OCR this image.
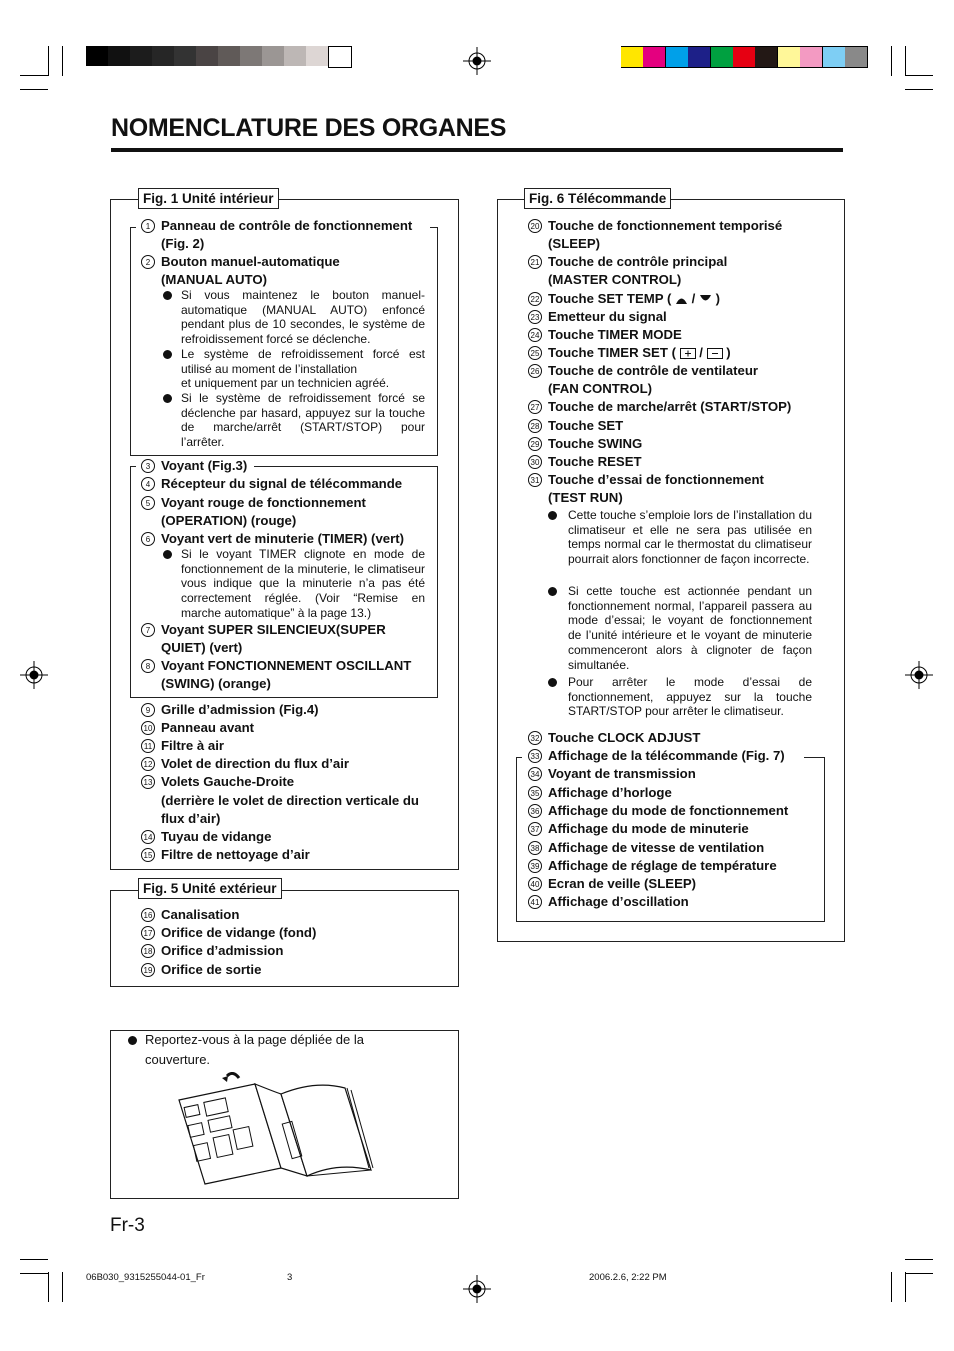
NOMENCLATURE DES ORGANES
Fig. 1 Unité intérieur
1 Panneau de contrôle de fonctionnement
(Fig. 2)
2 Bouton manuel-automatique
(MANUAL AUTO)
Si vous maintenez le bouton manuel-automatique (MANUAL AUTO) enfoncé pendant plus de 10 secondes, le système de refroidissement forcé se déclenche.
Le système de refroidissement forcé est utilisé au moment de l’installation
et uniquement par un technicien agréé.
Si le système de refroidissement forcé se déclenche par hasard, appuyez sur la touche de marche/arrêt (START/STOP) pour l’arrêter.
3 Voyant (Fig.3)
4 Récepteur du signal de télécommande
5 Voyant rouge de fonctionnement
(OPERATION) (rouge)
6 Voyant vert de minuterie (TIMER) (vert)
Si le voyant TIMER clignote en mode de fonctionnement de la minuterie, le climatiseur vous indique que la minuterie n’a pas été correctement réglée. (Voir “Remise en marche automatique” à la page 13.)
7 Voyant SUPER SILENCIEUX(SUPER
QUIET) (vert)
8 Voyant FONCTIONNEMENT OSCILLANT
(SWING) (orange)
9 Grille d’admission (Fig.4)
10 Panneau avant
11 Filtre à air
12 Volet de direction du flux d’air
13 Volets Gauche-Droite
(derrière le volet de direction verticale du
flux d’air)
14 Tuyau de vidange
15 Filtre de nettoyage d’air
Fig. 5 Unité extérieur
16 Canalisation
17 Orifice de vidange (fond)
18 Orifice d’admission
19 Orifice de sortie
Reportez-vous à la page dépliée de la
couverture.
Fr-3
Fig. 6 Télécommande
20 Touche de fonctionnement temporisé
(SLEEP)
21 Touche de contrôle principal
(MASTER CONTROL)
22 Touche SET TEMP (  /  )
23 Emetteur du signal
24 Touche TIMER MODE
25 Touche TIMER SET (  /  )
26 Touche de contrôle de ventilateur
(FAN CONTROL)
27 Touche de marche/arrêt (START/STOP)
28 Touche SET
29 Touche SWING
30 Touche RESET
31 Touche d’essai de fonctionnement
(TEST RUN)
Cette touche s’emploie lors de l’installation du climatiseur et elle ne sera pas utilisée en temps normal car le thermostat du climatiseur pourrait alors fonctionner de façon incorrecte.
Si cette touche est actionnée pendant un fonctionnement normal, l’appareil passera au mode d’essai; le voyant de fonctionnement de l’unité intérieure et le voyant de minuterie commenceront alors à clignoter de façon simultanée.
Pour arrêter le mode d’essai de fonctionnement, appuyez sur la touche START/STOP pour arrêter le climatiseur.
32 Touche CLOCK ADJUST
33 Affichage de la télécommande (Fig. 7)
34 Voyant de transmission
35 Affichage d’horloge
36 Affichage du mode de fonctionnement
37 Affichage du mode de minuterie
38 Affichage de vitesse de ventilation
39 Affichage de réglage de température
40 Ecran de veille (SLEEP)
41 Affichage d’oscillation
06B030_9315255044-01_Fr	3	2006.2.6, 2:22 PM
